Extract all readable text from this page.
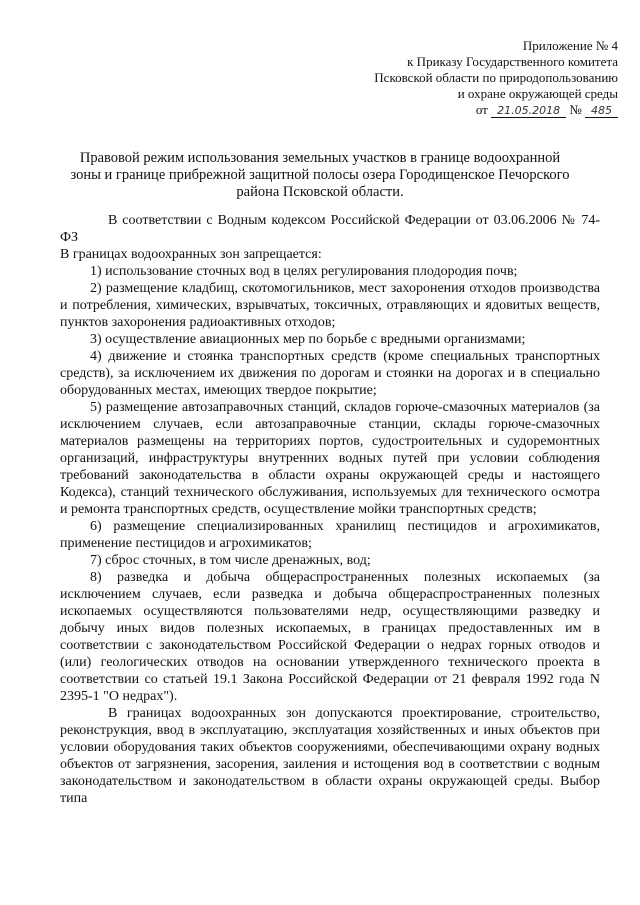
Приложение № 4
к Приказу Государственного комитета
Псковской области по природопользованию
и охране окружающей среды
от 21.05.2018 № 485
Правовой режим использования земельных участков в границе водоохранной зоны и границе прибрежной защитной полосы озера Городищенское Печорского района Псковской области.

В соответствии с Водным кодексом Российской Федерации от 03.06.2006 № 74-ФЗ

В границах водоохранных зон запрещается:

1) использование сточных вод в целях регулирования плодородия почв;

2) размещение кладбищ, скотомогильников, мест захоронения отходов производства и потребления, химических, взрывчатых, токсичных, отравляющих и ядовитых веществ, пунктов захоронения радиоактивных отходов;

3) осуществление авиационных мер по борьбе с вредными организмами;

4) движение и стоянка транспортных средств (кроме специальных транспортных средств), за исключением их движения по дорогам и стоянки на дорогах и в специально оборудованных местах, имеющих твердое покрытие;

5) размещение автозаправочных станций, складов горюче-смазочных материалов (за исключением случаев, если автозаправочные станции, склады горюче-смазочных материалов размещены на территориях портов, судостроительных и судоремонтных организаций, инфраструктуры внутренних водных путей при условии соблюдения требований законодательства в области охраны окружающей среды и настоящего Кодекса), станций технического обслуживания, используемых для технического осмотра и ремонта транспортных средств, осуществление мойки транспортных средств;

6) размещение специализированных хранилищ пестицидов и агрохимикатов, применение пестицидов и агрохимикатов;

7) сброс сточных, в том числе дренажных, вод;

8) разведка и добыча общераспространенных полезных ископаемых (за исключением случаев, если разведка и добыча общераспространенных полезных ископаемых осуществляются пользователями недр, осуществляющими разведку и добычу иных видов полезных ископаемых, в границах предоставленных им в соответствии с законодательством Российской Федерации о недрах горных отводов и (или) геологических отводов на основании утвержденного технического проекта в соответствии со статьей 19.1 Закона Российской Федерации от 21 февраля 1992 года N 2395-1 "О недрах").

В границах водоохранных зон допускаются проектирование, строительство, реконструкция, ввод в эксплуатацию, эксплуатация хозяйственных и иных объектов при условии оборудования таких объектов сооружениями, обеспечивающими охрану водных объектов от загрязнения, засорения, заиления и истощения вод в соответствии с водным законодательством и законодательством в области охраны окружающей среды. Выбор типа
